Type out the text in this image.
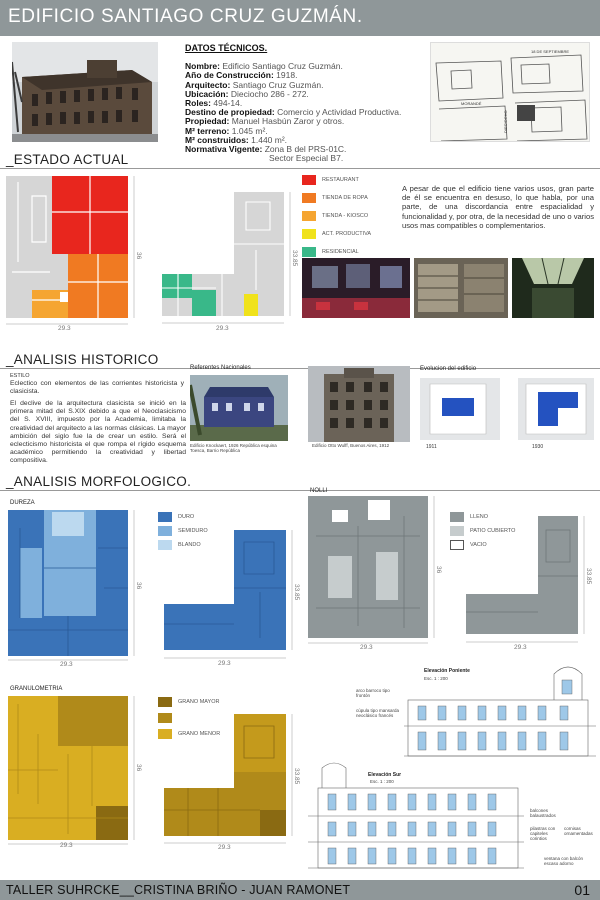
EDIFICIO SANTIAGO CRUZ GUZMÁN.
DATOS TÉCNICOS.
Nombre: Edificio Santiago Cruz Guzmán.
Año de Construcción: 1918.
Arquitecto: Santiago Cruz Guzmán.
Ubicación: Dieciocho 286 - 272.
Roles: 494-14.
Destino de propiedad: Comercio y Actividad Productiva.
Propiedad: Manuel Hasbún Zaror y otros.
M² terreno: 1.045 m².
M² construidos: 1.440 m².
Normativa Vigente: Zona B del PRS-01C.
Sector Especial B7.
18 DE SEPTIEMBRE
DIECIOCHO
MORANDÉ
_ESTADO ACTUAL
29.3
36
29.3
33.85
RESTAURANT
TIENDA DE ROPA
TIENDA - KIOSCO
ACT. PRODUCTIVA
RESIDENCIAL
A pesar de que el edificio tiene varios usos, gran parte de él se encuentra en desuso, lo que habla, por una parte, de una discordancia entre espacialidad y funcionalidad y, por otra, de la necesidad de uno o varios usos mas compatibles o complementarios.
_ANALISIS HISTORICO
ESTILO
Eclectico con elementos de las corrientes historicista y clasicista.
El declive de la arquitectura clasicista se inició en la primera mitad del S.XIX debido a que el Neoclasicismo del S. XVIII, impuesto por la Academia, limitaba la creatividad del arquitecto a las normas clásicas. La mayor ambición del siglo fue la de crear un estilo. Será el eclecticismo historicista el que rompa el rígido esquema académico permitiendo la creatividad y libertad compositiva.
Referentes Nacionales
Edificio Knockaert, 1926 República esquina Toesca, Barrio República
Edificio Otto Wulff, Buenos Aires, 1912
Evolucion del edificio
1911	1930
_ANALISIS MORFOLOGICO.
DUREZA
29.3
36
29.3
33.85
DURO
SEMIDURO
BLANDO
NOLLI
29.3
36
29.3
33.85
LLENO
PATIO CUBIERTO
VACIO
GRANULOMETRIA
29.3
36
29.3
33.85
GRANO MAYOR
GRANO MENOR
arco barroco tipo frontón
cúpula tipo mansarda neoclásico francés
Elevación Poniente
Esc. 1 : 200
Elevación Sur
Esc. 1 : 200
balcones balaustrados
pilastras con capiteles corintios
cornisas ornamentadas
ventana con balcón escaso adorno
TALLER SUHRCKE__CRISTINA BRIÑO - JUAN RAMONET	01
